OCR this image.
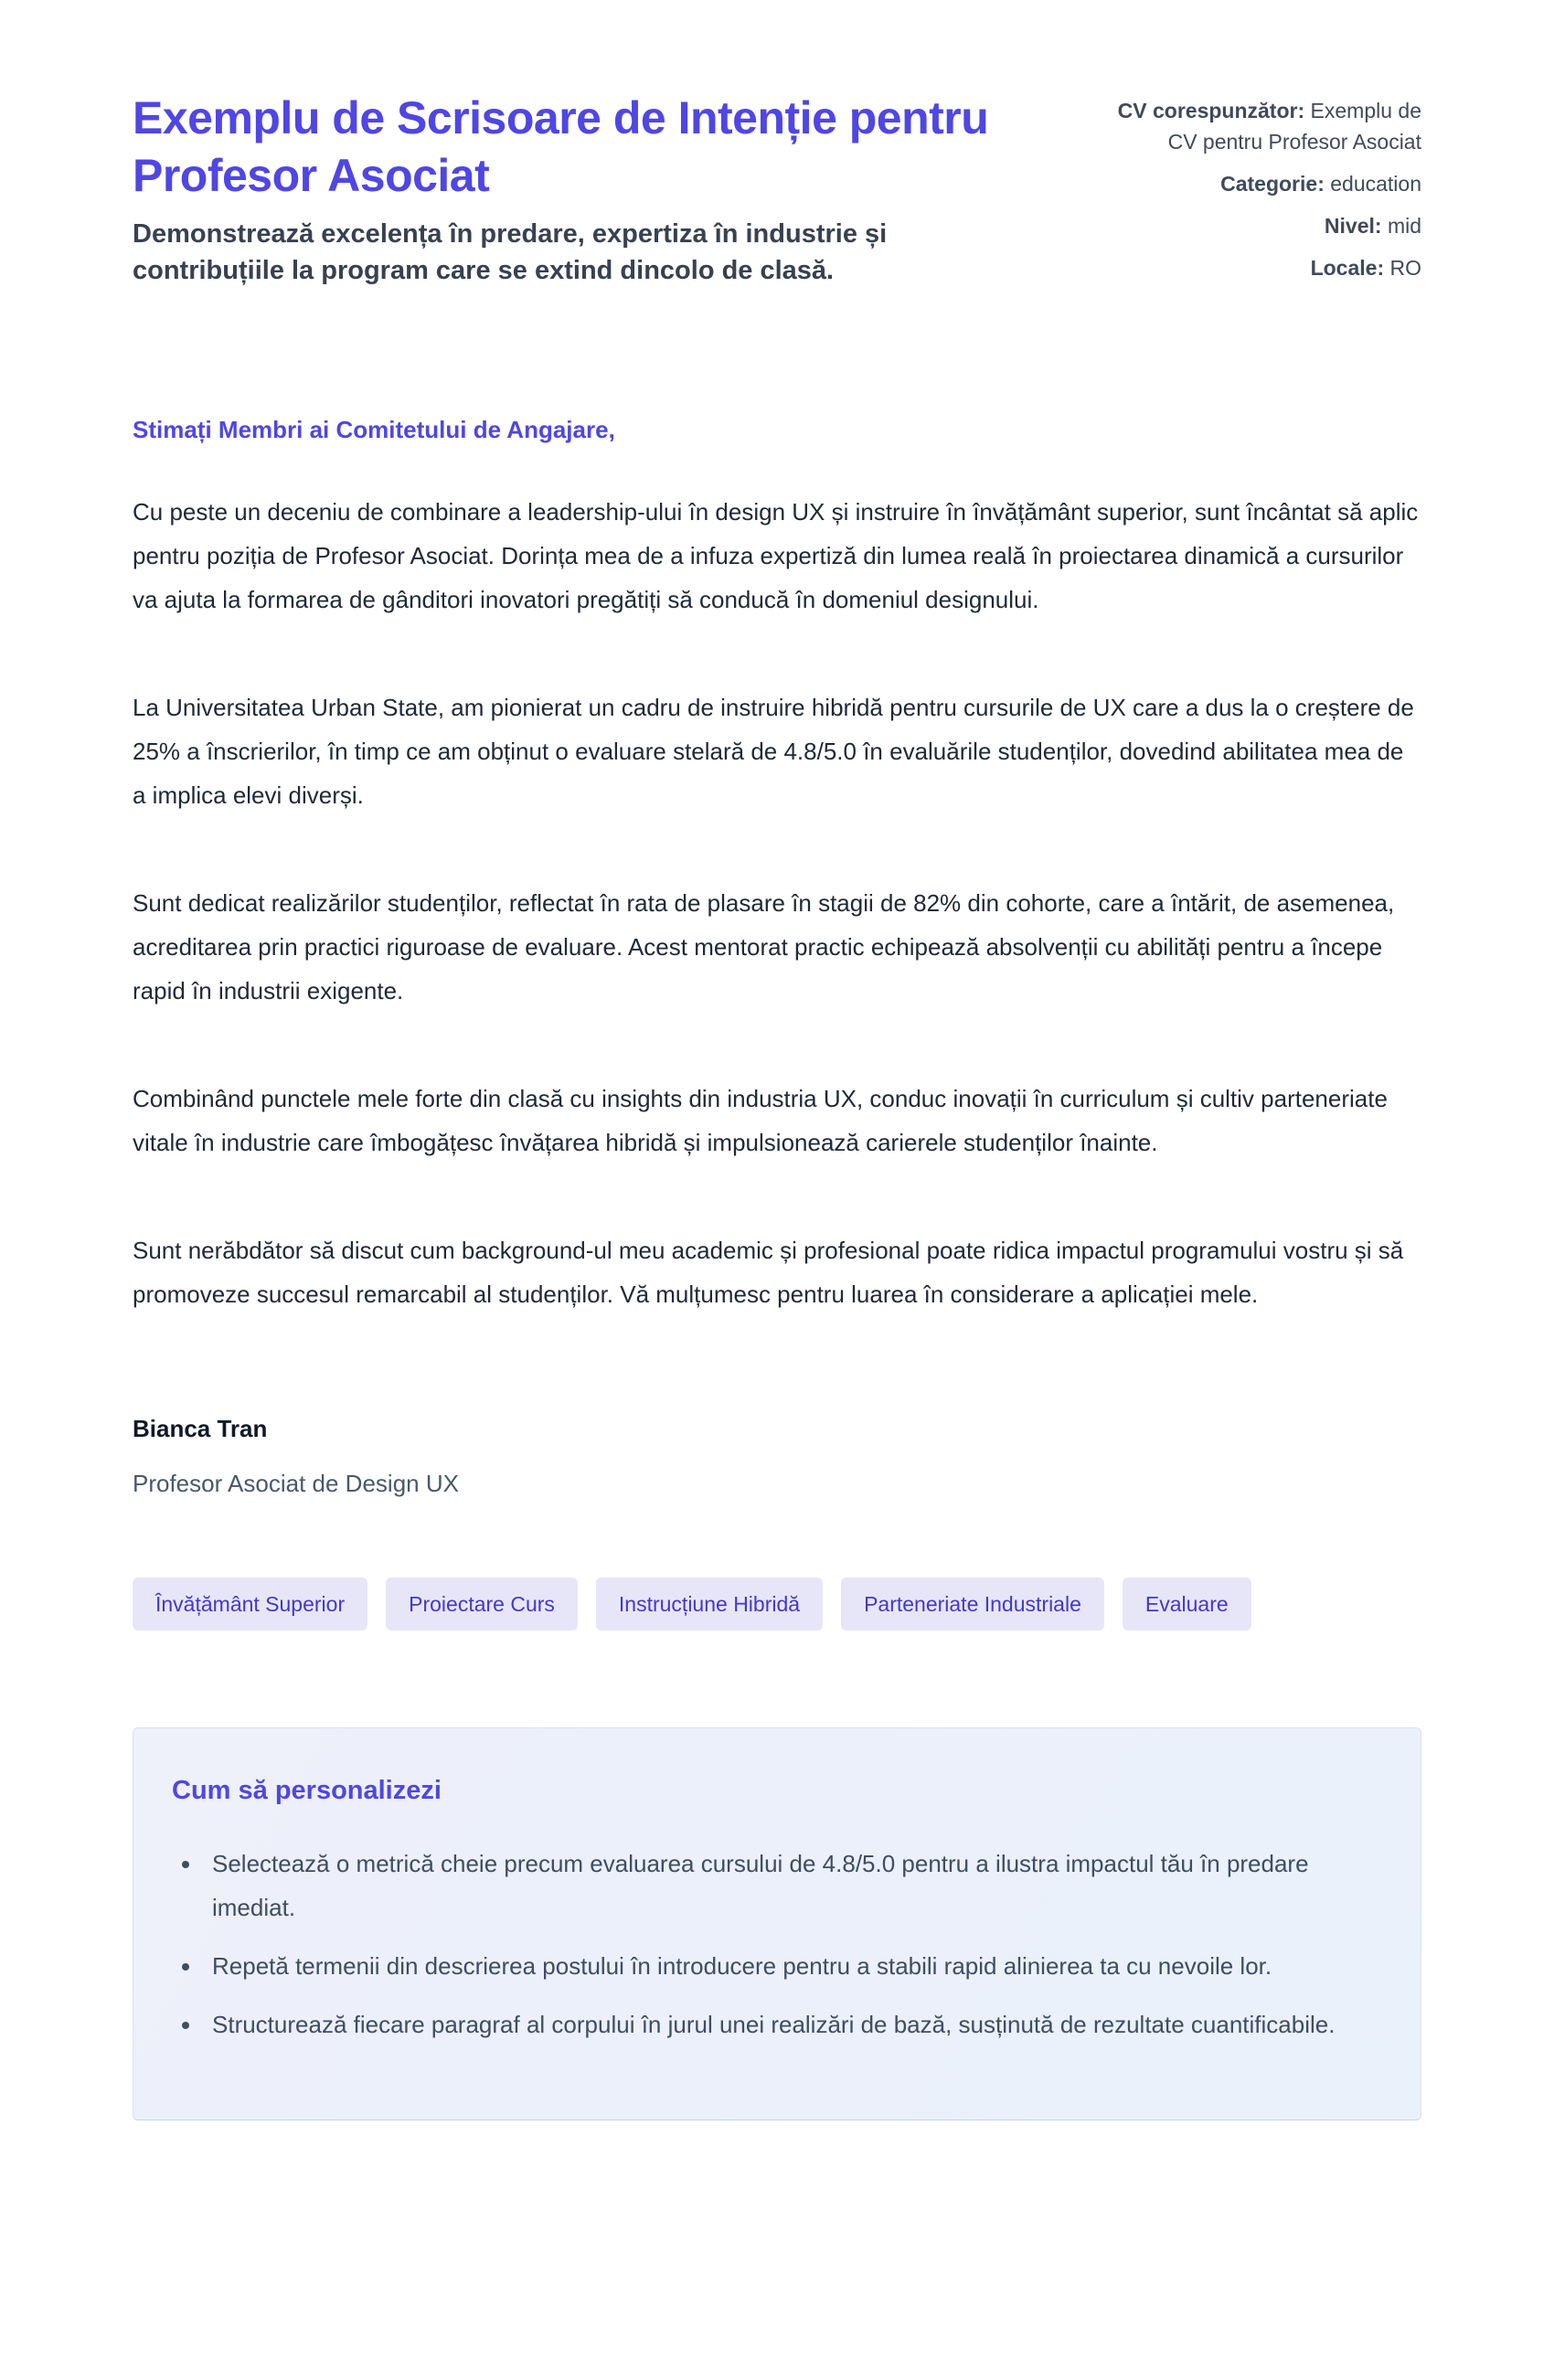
Exemplu de Scrisoare de Intenție pentru Profesor Asociat

Demonstrează excelența în predare, expertiza în industrie și contribuțiile la program care se extind dincolo de clasă.

CV corespunzător: Exemplu de CV pentru Profesor Asociat
Categorie: education
Nivel: mid
Locale: RO

Stimați Membri ai Comitetului de Angajare,

Cu peste un deceniu de combinare a leadership-ului în design UX și instruire în învățământ superior, sunt încântat să aplic pentru poziția de Profesor Asociat. Dorința mea de a infuza expertiză din lumea reală în proiectarea dinamică a cursurilor va ajuta la formarea de gânditori inovatori pregătiți să conducă în domeniul designului.

La Universitatea Urban State, am pionierat un cadru de instruire hibridă pentru cursurile de UX care a dus la o creștere de 25% a înscrierilor, în timp ce am obținut o evaluare stelară de 4.8/5.0 în evaluările studenților, dovedind abilitatea mea de a implica elevi diverși.

Sunt dedicat realizărilor studenților, reflectat în rata de plasare în stagii de 82% din cohorte, care a întărit, de asemenea, acreditarea prin practici riguroase de evaluare. Acest mentorat practic echipează absolvenții cu abilități pentru a începe rapid în industrii exigente.

Combinând punctele mele forte din clasă cu insights din industria UX, conduc inovații în curriculum și cultiv parteneriate vitale în industrie care îmbogățesc învățarea hibridă și impulsionează carierele studenților înainte.

Sunt nerăbdător să discut cum background-ul meu academic și profesional poate ridica impactul programului vostru și să promoveze succesul remarcabil al studenților. Vă mulțumesc pentru luarea în considerare a aplicației mele.

Bianca Tran

Profesor Asociat de Design UX

Învățământ Superior	Proiectare Curs	Instrucțiune Hibridă	Parteneriate Industriale	Evaluare
Cum să personalizezi
• Selectează o metrică cheie precum evaluarea cursului de 4.8/5.0 pentru a ilustra impactul tău în predare imediat.
• Repetă termenii din descrierea postului în introducere pentru a stabili rapid alinierea ta cu nevoile lor.
• Structurează fiecare paragraf al corpului în jurul unei realizări de bază, susținută de rezultate cuantificabile.
